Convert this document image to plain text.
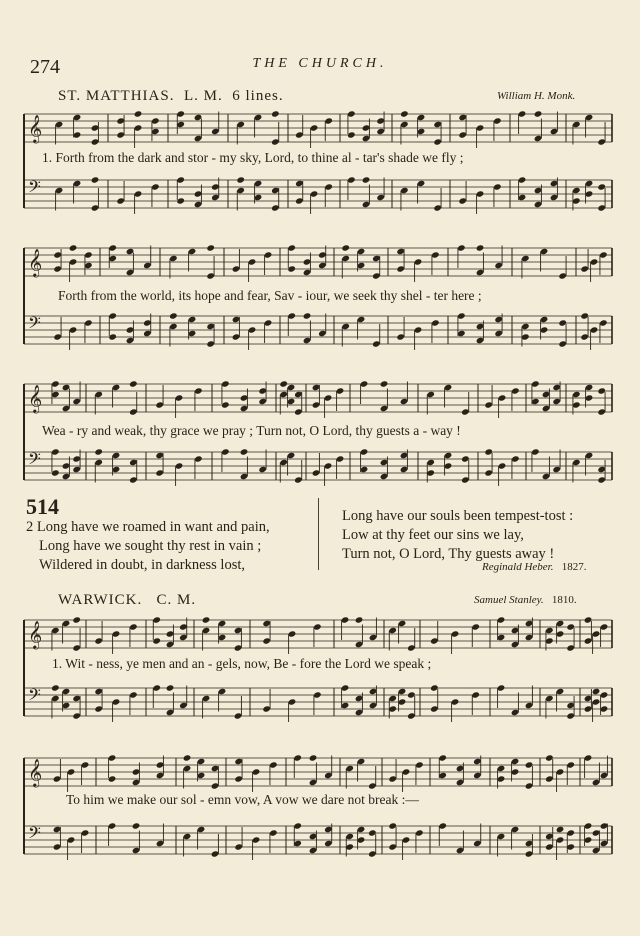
274	THE CHURCH.
ST. MATTHIAS. L. M. 6 lines.	William H. Monk.
𝄞
𝄢
𝄞
𝄢
𝄞
𝄢
𝄞
𝄢
𝄞
𝄢
1. Forth from the dark and stor - my sky, Lord, to thine al - tar's shade we fly ;
Forth from the world, its hope and fear, Sav - iour, we seek thy shel - ter here ;
Wea - ry and weak, thy grace we pray ; Turn not, O Lord, thy guests a - way !
514
2 Long have we roamed in want and pain,
Long have we sought thy rest in vain ;
Wildered in doubt, in darkness lost,
Long have our souls been tempest-tost :
Low at thy feet our sins we lay,
Turn not, O Lord, Thy guests away !
Reginald Heber. 1827.
WARWICK. C. M.	Samuel Stanley. 1810.
1. Wit - ness, ye men and an - gels, now, Be - fore the Lord we speak ;
To him we make our sol - emn vow, A vow we dare not break :—
